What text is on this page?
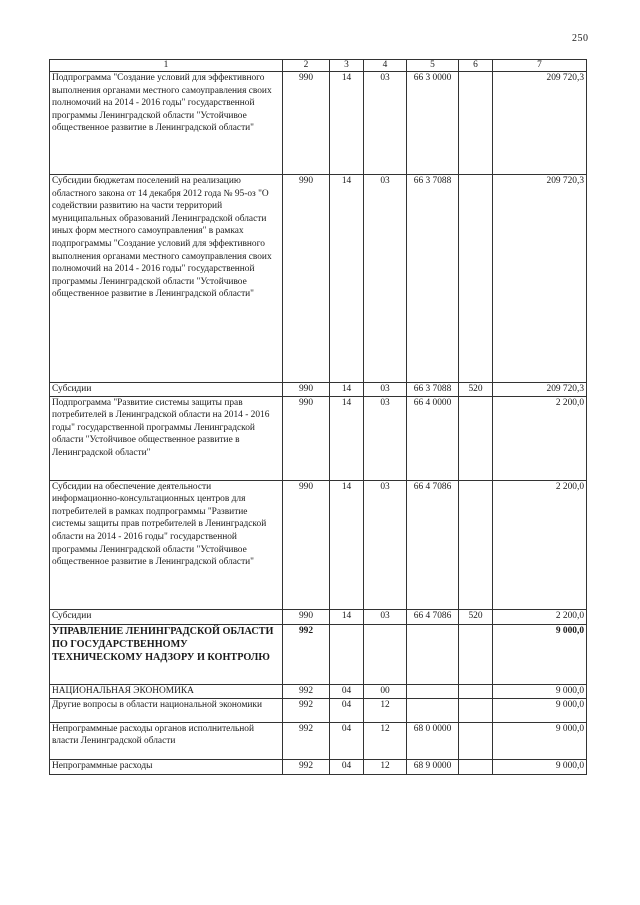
250
1	2	3	4	5	6	7
Подпрограмма "Создание условий для эффективного выполнения органами местного самоуправления своих полномочий на 2014 - 2016 годы" государственной программы Ленинградской области "Устойчивое общественное развитие в Ленинградской области"	990	14	03	66 3 0000		209 720,3
Субсидии бюджетам поселений на реализацию областного закона от 14 декабря 2012 года № 95-оз "О содействии развитию на части территорий муниципальных образований Ленинградской области иных форм местного самоуправления" в рамках подпрограммы "Создание условий для эффективного выполнения органами местного самоуправления своих полномочий на 2014 - 2016 годы" государственной программы Ленинградской области "Устойчивое общественное развитие в Ленинградской области"	990	14	03	66 3 7088		209 720,3
Субсидии	990	14	03	66 3 7088	520	209 720,3
Подпрограмма "Развитие системы защиты прав потребителей в Ленинградской области на 2014 - 2016 годы" государственной программы Ленинградской области "Устойчивое общественное развитие в Ленинградской области"	990	14	03	66 4 0000		2 200,0
Субсидии на обеспечение деятельности информационно-консультационных центров для потребителей в рамках подпрограммы "Развитие системы защиты прав потребителей в Ленинградской области на 2014 - 2016 годы" государственной программы Ленинградской области "Устойчивое общественное развитие в Ленинградской области"	990	14	03	66 4 7086		2 200,0
Субсидии	990	14	03	66 4 7086	520	2 200,0
УПРАВЛЕНИЕ ЛЕНИНГРАДСКОЙ ОБЛАСТИ ПО ГОСУДАРСТВЕННОМУ ТЕХНИЧЕСКОМУ НАДЗОРУ И КОНТРОЛЮ	992					9 000,0
НАЦИОНАЛЬНАЯ ЭКОНОМИКА	992	04	00			9 000,0
Другие вопросы в области национальной экономики	992	04	12			9 000,0
Непрограммные расходы органов исполнительной власти Ленинградской области	992	04	12	68 0 0000		9 000,0
Непрограммные расходы	992	04	12	68 9 0000		9 000,0
